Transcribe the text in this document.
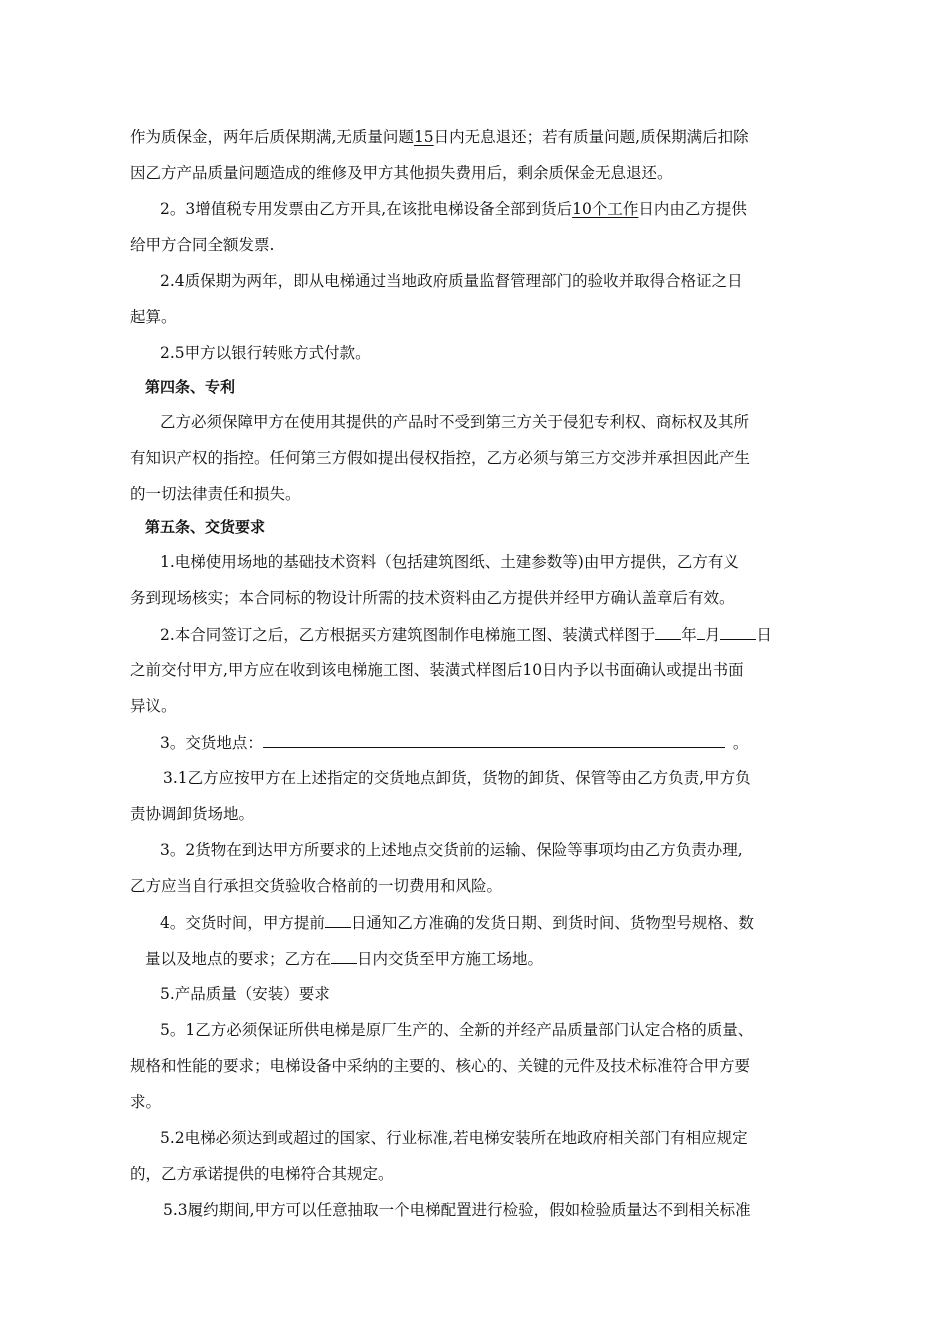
作为质保金，两年后质保期满,无质量问题15日内无息退还；若有质量问题,质保期满后扣除
因乙方产品质量问题造成的维修及甲方其他损失费用后，剩余质保金无息退还。
2。3增值税专用发票由乙方开具,在该批电梯设备全部到货后10个工作日内由乙方提供
给甲方合同全额发票.
2.4质保期为两年，即从电梯通过当地政府质量监督管理部门的验收并取得合格证之日
起算。
2.5甲方以银行转账方式付款。
第四条、专利
乙方必须保障甲方在使用其提供的产品时不受到第三方关于侵犯专利权、商标权及其所
有知识产权的指控。任何第三方假如提出侵权指控，乙方必须与第三方交涉并承担因此产生
的一切法律责任和损失。
第五条、交货要求
1.电梯使用场地的基础技术资料（包括建筑图纸、土建参数等)由甲方提供，乙方有义
务到现场核实；本合同标的物设计所需的技术资料由乙方提供并经甲方确认盖章后有效。
2.本合同签订之后，乙方根据买方建筑图制作电梯施工图、装潢式样图于 年 月 日
之前交付甲方,甲方应在收到该电梯施工图、装潢式样图后10日内予以书面确认或提出书面
异议。
3。交货地点：	。
3.1乙方应按甲方在上述指定的交货地点卸货，货物的卸货、保管等由乙方负责,甲方负
责协调卸货场地。
3。2货物在到达甲方所要求的上述地点交货前的运输、保险等事项均由乙方负责办理,
乙方应当自行承担交货验收合格前的一切费用和风险。
4。交货时间，甲方提前 日通知乙方准确的发货日期、到货时间、货物型号规格、数
量以及地点的要求；乙方在 日内交货至甲方施工场地。
5.产品质量（安装）要求
5。1乙方必须保证所供电梯是原厂生产的、全新的并经产品质量部门认定合格的质量、
规格和性能的要求；电梯设备中采纳的主要的、核心的、关键的元件及技术标准符合甲方要
求。
5.2电梯必须达到或超过的国家、行业标准,若电梯安装所在地政府相关部门有相应规定
的，乙方承诺提供的电梯符合其规定。
5.3履约期间,甲方可以任意抽取一个电梯配置进行检验，假如检验质量达不到相关标准
